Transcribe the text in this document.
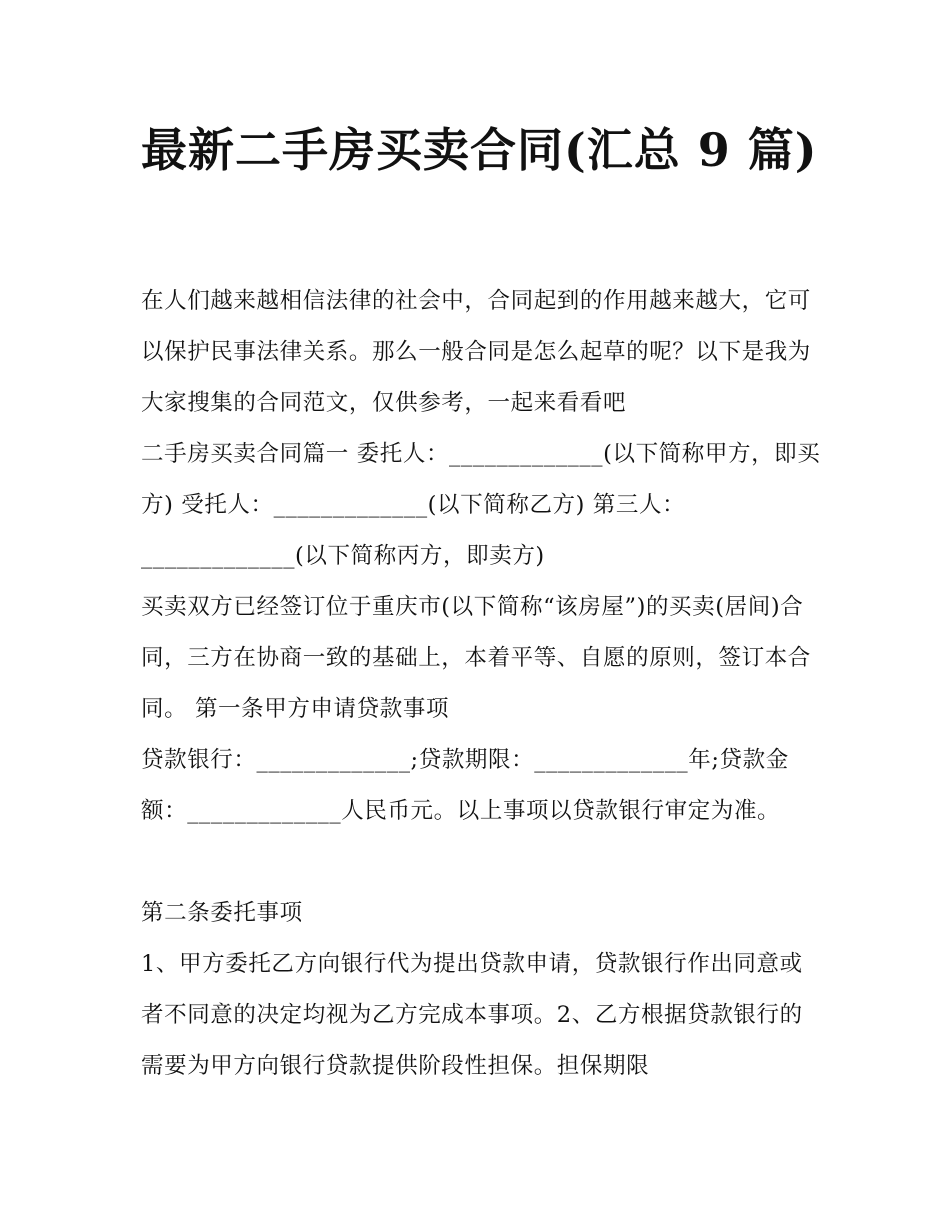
最新二手房买卖合同(汇总 9 篇)

在人们越来越相信法律的社会中，合同起到的作用越来越大，它可以保护民事法律关系。那么一般合同是怎么起草的呢？以下是我为大家搜集的合同范文，仅供参考，一起来看看吧

二手房买卖合同篇一 委托人：_____________(以下简称甲方，即买方) 受托人：_____________(以下简称乙方) 第三人：_____________(以下简称丙方，即卖方)

买卖双方已经签订位于重庆市(以下简称“该房屋”)的买卖(居间)合同，三方在协商一致的基础上，本着平等、自愿的原则，签订本合同。 第一条甲方申请贷款事项

贷款银行：_____________;贷款期限：_____________年;贷款金额：_____________人民币元。以上事项以贷款银行审定为准。

第二条委托事项

1、甲方委托乙方向银行代为提出贷款申请，贷款银行作出同意或者不同意的决定均视为乙方完成本事项。2、乙方根据贷款银行的需要为甲方向银行贷款提供阶段性担保。担保期限
